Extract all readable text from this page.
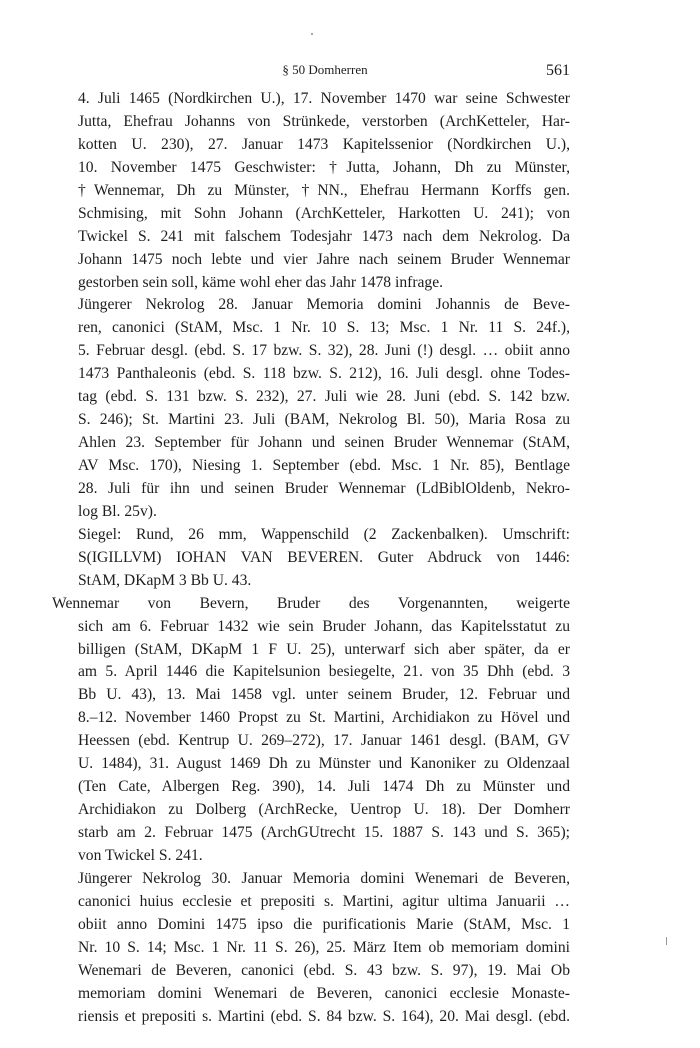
§ 50 Domherren	561
4. Juli 1465 (Nordkirchen U.), 17. November 1470 war seine Schwester
Jutta, Ehefrau Johanns von Strünkede, verstorben (ArchKetteler, Har-
kotten U. 230), 27. Januar 1473 Kapitelssenior (Nordkirchen U.),
10. November 1475 Geschwister: †Jutta, Johann, Dh zu Münster,
†Wennemar, Dh zu Münster, †NN., Ehefrau Hermann Korffs gen.
Schmising, mit Sohn Johann (ArchKetteler, Harkotten U. 241); von
Twickel S. 241 mit falschem Todesjahr 1473 nach dem Nekrolog. Da
Johann 1475 noch lebte und vier Jahre nach seinem Bruder Wennemar
gestorben sein soll, käme wohl eher das Jahr 1478 infrage.
Jüngerer Nekrolog 28. Januar Memoria domini Johannis de Beve-
ren, canonici (StAM, Msc. 1 Nr. 10 S. 13; Msc. 1 Nr. 11 S. 24f.),
5. Februar desgl. (ebd. S. 17 bzw. S. 32), 28. Juni (!) desgl. … obiit anno
1473 Panthaleonis (ebd. S. 118 bzw. S. 212), 16. Juli desgl. ohne Todes-
tag (ebd. S. 131 bzw. S. 232), 27. Juli wie 28. Juni (ebd. S. 142 bzw.
S. 246); St. Martini 23. Juli (BAM, Nekrolog Bl. 50), Maria Rosa zu
Ahlen 23. September für Johann und seinen Bruder Wennemar (StAM,
AV Msc. 170), Niesing 1. September (ebd. Msc. 1 Nr. 85), Bentlage
28. Juli für ihn und seinen Bruder Wennemar (LdBiblOldenb, Nekro-
log Bl. 25v).
Siegel: Rund, 26 mm, Wappenschild (2 Zackenbalken). Umschrift:
S(IGILLVM) IOHAN VAN BEVEREN. Guter Abdruck von 1446:
StAM, DKapM 3 Bb U. 43.
Wennemar von Bevern, Bruder des Vorgenannten, weigerte
sich am 6. Februar 1432 wie sein Bruder Johann, das Kapitelsstatut zu
billigen (StAM, DKapM 1 F U. 25), unterwarf sich aber später, da er
am 5. April 1446 die Kapitelsunion besiegelte, 21. von 35 Dhh (ebd. 3
Bb U. 43), 13. Mai 1458 vgl. unter seinem Bruder, 12. Februar und
8.–12. November 1460 Propst zu St. Martini, Archidiakon zu Hövel und
Heessen (ebd. Kentrup U. 269–272), 17. Januar 1461 desgl. (BAM, GV
U. 1484), 31. August 1469 Dh zu Münster und Kanoniker zu Oldenzaal
(Ten Cate, Albergen Reg. 390), 14. Juli 1474 Dh zu Münster und
Archidiakon zu Dolberg (ArchRecke, Uentrop U. 18). Der Domherr
starb am 2. Februar 1475 (ArchGUtrecht 15. 1887 S. 143 und S. 365);
von Twickel S. 241.
Jüngerer Nekrolog 30. Januar Memoria domini Wenemari de Beveren,
canonici huius ecclesie et prepositi s. Martini, agitur ultima Januarii …
obiit anno Domini 1475 ipso die purificationis Marie (StAM, Msc. 1
Nr. 10 S. 14; Msc. 1 Nr. 11 S. 26), 25. März Item ob memoriam domini
Wenemari de Beveren, canonici (ebd. S. 43 bzw. S. 97), 19. Mai Ob
memoriam domini Wenemari de Beveren, canonici ecclesie Monaste-
riensis et prepositi s. Martini (ebd. S. 84 bzw. S. 164), 20. Mai desgl. (ebd.
